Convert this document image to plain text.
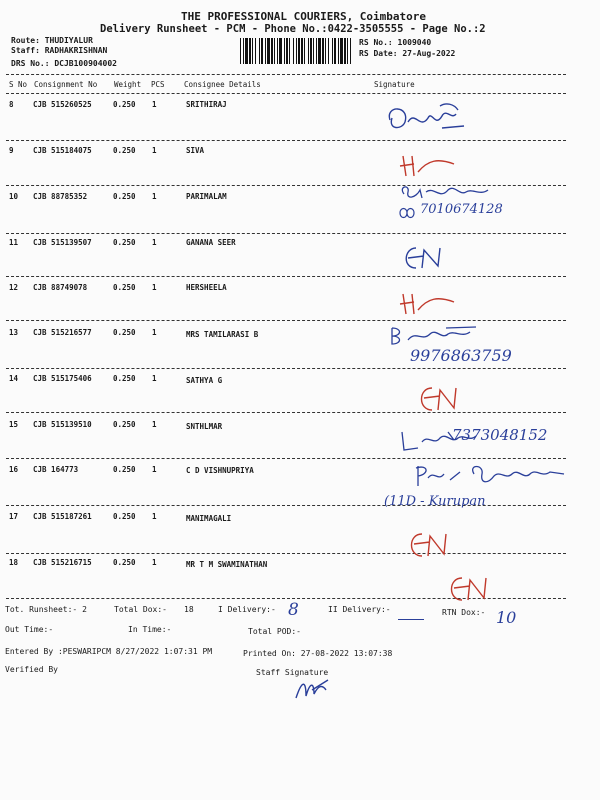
THE PROFESSIONAL COURIERS, Coimbatore
Delivery Runsheet - PCM - Phone No.:0422-3505555 - Page No.:2
Route: THUDIYALUR
Staff: RADHAKRISHNAN
DRS No.: DCJB100904002
RS No.: 1009040
RS Date: 27-Aug-2022
S No Consignment No Weight PCS	Consignee Details	Signature
8	CJB 515260525	0.250 1	SRITHIRAJ
9	CJB 515184075	0.250 1	SIVA
10 CJB 88785352	0.250 1	PARIMALAM
11 CJB 515139507	0.250 1	GANANA SEER
12 CJB 88749078	0.250 1	HERSHEELA
13 CJB 515216577	0.250 1	MRS TAMILARASI B
14 CJB 515175406	0.250 1	SATHYA G
15 CJB 515139510	0.250 1	SNTHLMAR
16 CJB 164773	0.250 1	C D VISHNUPRIYA
17 CJB 515187261	0.250 1	MANIMAGALI
18 CJB 515216715	0.250 1	MR T M SWAMINATHAN
7010674128
9976863759
7373048152
(11D - Kurupan
Tot. Runsheet:- 2	Total Dox:- 18	I Delivery:- 8	II Delivery:-	RTN Dox:- 10
Out Time:-	In Time:-	Total POD:-
Entered By :PESWARIPCM 8/27/2022 1:07:31 PM	Printed On: 27-08-2022 13:07:38
Verified By	Staff Signature
